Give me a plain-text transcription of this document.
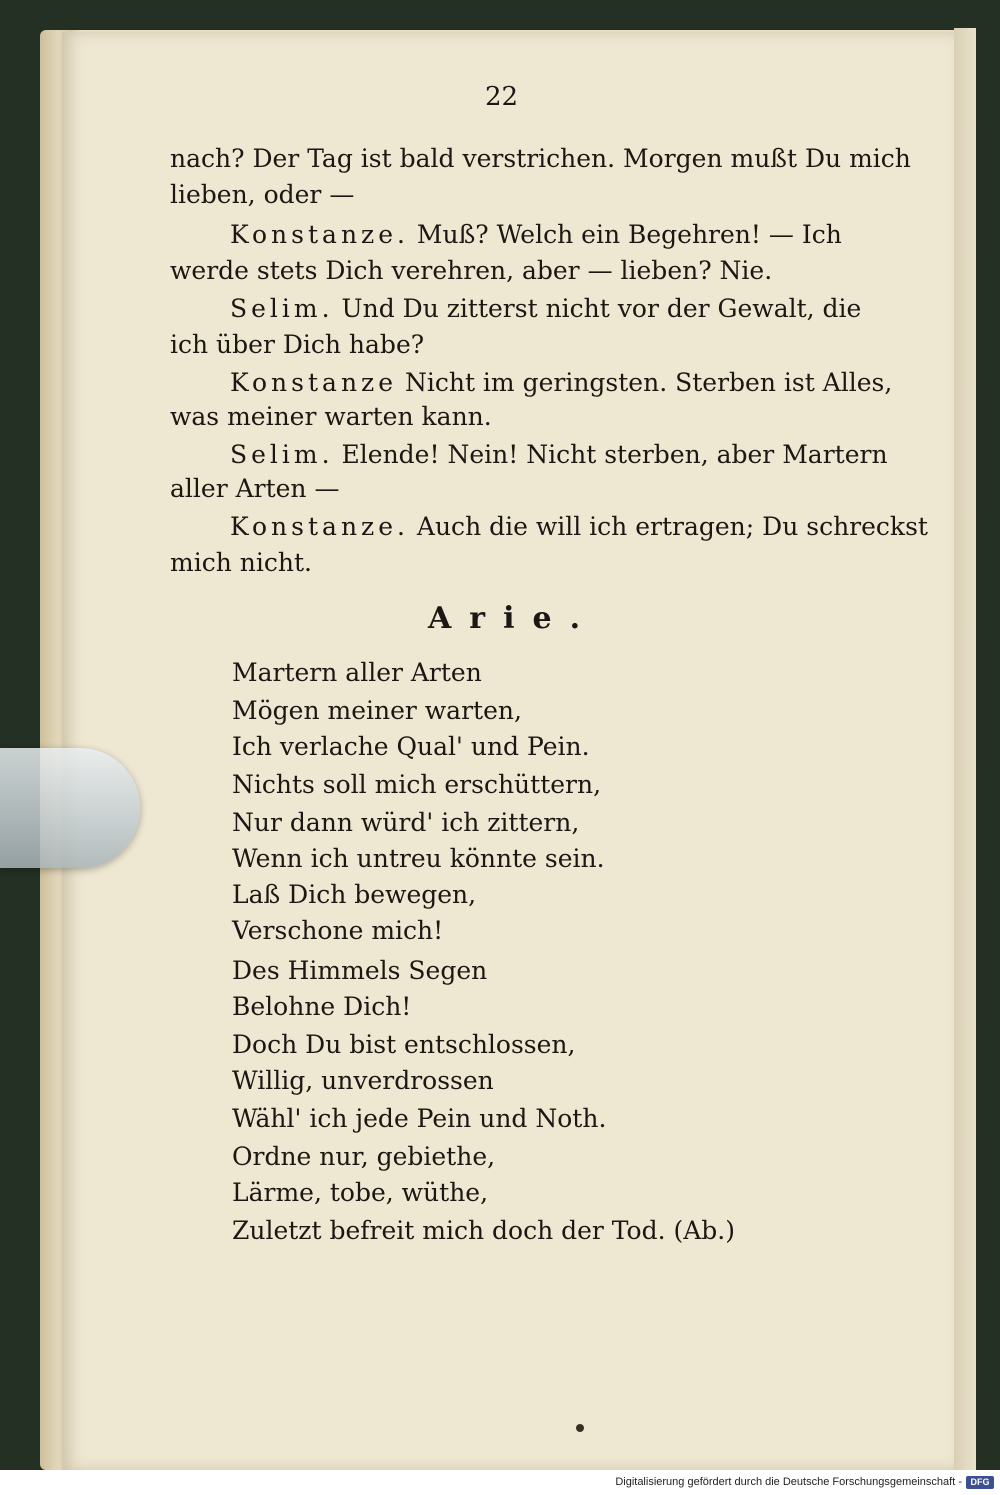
22
nach? Der Tag ist bald verstrichen. Morgen mußt Du mich
lieben, oder —
Konstanze. Muß? Welch ein Begehren! — Ich
werde stets Dich verehren, aber — lieben? Nie.
Selim. Und Du zitterst nicht vor der Gewalt, die
ich über Dich habe?
Konstanze Nicht im geringsten. Sterben ist Alles,
was meiner warten kann.
Selim. Elende! Nein! Nicht sterben, aber Martern
aller Arten —
Konstanze. Auch die will ich ertragen; Du schreckst
mich nicht.
Arie.
Martern aller Arten
Mögen meiner warten,
Ich verlache Qual' und Pein.
Nichts soll mich erschüttern,
Nur dann würd' ich zittern,
Wenn ich untreu könnte sein.
Laß Dich bewegen,
Verschone mich!
Des Himmels Segen
Belohne Dich!
Doch Du bist entschlossen,
Willig, unverdrossen
Wähl' ich jede Pein und Noth.
Ordne nur, gebiethe,
Lärme, tobe, wüthe,
Zuletzt befreit mich doch der Tod. (Ab.)
Digitalisierung gefördert durch die Deutsche Forschungsgemeinschaft - DFG
